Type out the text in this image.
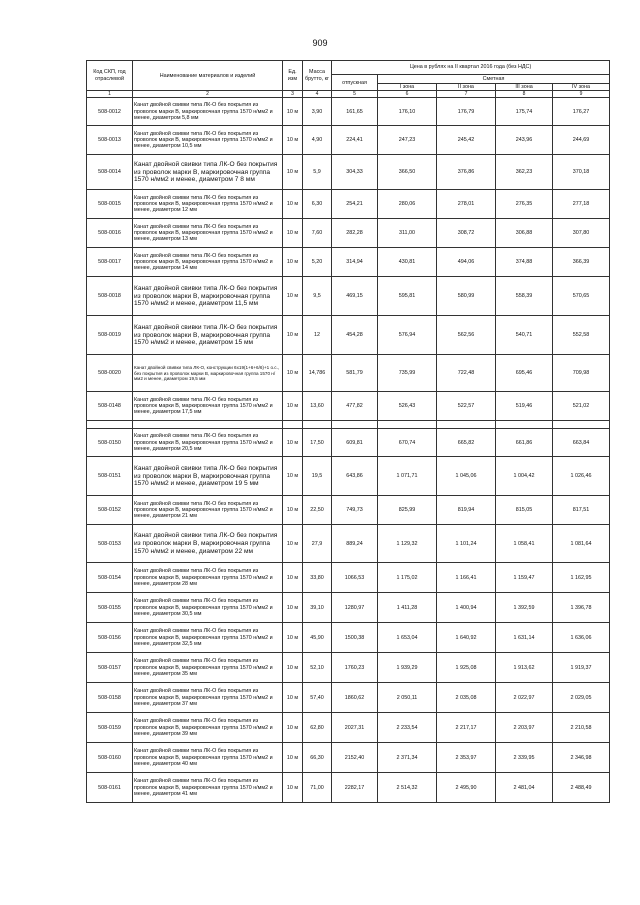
909
Код СКП, год отраслевой	Наименование материалов и изделий	Ед. изм	Масса брутто, кг	Цена в рублях на II квартал 2016 года (без НДС)				
				отпускная	Сметная			
					I зона	II зона	III зона	IV зона
1	2	3	4	5	6	7	8	9
508-0012	Канат двойной свивки типа ЛК-О без покрытия из проволок марки В, маркировочная группа 1570 н/мм2 и менее, диаметром 5,8 мм	10 м	3,90	161,65	176,10	176,79	175,74	176,27
508-0013	Канат двойной свивки типа ЛК-О без покрытия из проволок марки В, маркировочная группа 1570 н/мм2 и менее, диаметром 10,5 мм	10 м	4,90	224,41	247,23	245,42	243,96	244,69
508-0014	Канат двойной свивки типа ЛК-О без покрытия из проволок марки В, маркировочная группа 1570 н/мм2 и менее, диаметром 7 8 мм	10 м	5,9	304,33	366,50	376,86	362,23	370,18
508-0015	Канат двойной свивки типа ЛК-О без покрытия из проволок марки В, маркировочная группа 1570 н/мм2 и менее, диаметром 12 мм	10 м	6,30	254,21	280,06	278,01	276,35	277,18
508-0016	Канат двойной свивки типа ЛК-О без покрытия из проволок марки В, маркировочная группа 1570 н/мм2 и менее, диаметром 13 мм	10 м	7,60	282,28	311,00	308,72	306,88	307,80
508-0017	Канат двойной свивки типа ЛК-О без покрытия из проволок марки В, маркировочная группа 1570 н/мм2 и менее, диаметром 14 мм	10 м	5,20	314,94	430,81	494,06	374,88	366,39
508-0018	Канат двойной свивки типа ЛК-О без покрытия из проволок марки В, маркировочная группа 1570 н/мм2 и менее, диаметром 11,5 мм	10 м	9,5	469,15	595,81	580,99	558,39	570,65
508-0019	Канат двойной свивки типа ЛК-О без покрытия из проволок марки В, маркировочная группа 1570 н/мм2 и менее, диаметром 15 мм	10 м	12	454,28	576,94	562,56	540,71	552,58
508-0020	Канат двойной свивки типа ЛК-О, конструкции 6х19(1+6+6/6)+1 о.с., без покрытия из проволок марки В, маркировочная группа 1570 н/мм2 и менее, диаметром 19,5 мм	10 м	14,786	581,79	735,99	722,48	695,46	709,98
508-0148	Канат двойной свивки типа ЛК-О без покрытия из проволок марки В, маркировочная группа 1570 н/мм2 и менее, диаметром 17,5 мм	10 м	13,60	477,82	526,43	522,57	519,46	521,02

508-0150	Канат двойной свивки типа ЛК-О без покрытия из проволок марки В, маркировочная группа 1570 н/мм2 и менее, диаметром 20,5 мм	10 м	17,50	609,81	670,74	665,82	661,86	663,84
508-0151	Канат двойной свивки типа ЛК-О без покрытия из проволок марки В, маркировочная группа 1570 н/мм2 и менее, диаметром 19 5 мм	10 м	19,5	643,86	1 071,71	1 045,06	1 004,42	1 026,46
508-0152	Канат двойной свивки типа ЛК-О без покрытия из проволок марки В, маркировочная группа 1570 н/мм2 и менее, диаметром 21 мм	10 м	22,50	749,73	825,99	819,94	815,05	817,51
508-0153	Канат двойной свивки типа ЛК-О без покрытия из проволок марки В, маркировочная группа 1570 н/мм2 и менее, диаметром 22 мм	10 м	27,9	889,24	1 129,32	1 101,24	1 058,41	1 081,64
508-0154	Канат двойной свивки типа ЛК-О без покрытия из проволок марки В, маркировочная группа 1570 н/мм2 и менее, диаметром 28 мм	10 м	33,80	1066,53	1 175,02	1 166,41	1 159,47	1 162,95
508-0155	Канат двойной свивки типа ЛК-О без покрытия из проволок марки В, маркировочная группа 1570 н/мм2 и менее, диаметром 30,5 мм	10 м	39,10	1280,97	1 411,28	1 400,94	1 392,59	1 396,78
508-0156	Канат двойной свивки типа ЛК-О без покрытия из проволок марки В, маркировочная группа 1570 н/мм2 и менее, диаметром 32,5 мм	10 м	45,90	1500,38	1 653,04	1 640,92	1 631,14	1 636,06
508-0157	Канат двойной свивки типа ЛК-О без покрытия из проволок марки В, маркировочная группа 1570 н/мм2 и менее, диаметром 35 мм	10 м	52,10	1760,23	1 939,29	1 925,08	1 913,62	1 919,37
508-0158	Канат двойной свивки типа ЛК-О без покрытия из проволок марки В, маркировочная группа 1570 н/мм2 и менее, диаметром 37 мм	10 м	57,40	1860,62	2 050,11	2 035,08	2 022,97	2 029,05
508-0159	Канат двойной свивки типа ЛК-О без покрытия из проволок марки В, маркировочная группа 1570 н/мм2 и менее, диаметром 39 мм	10 м	62,80	2027,31	2 233,54	2 217,17	2 203,97	2 210,58
508-0160	Канат двойной свивки типа ЛК-О без покрытия из проволок марки В, маркировочная группа 1570 н/мм2 и менее, диаметром 40 мм	10 м	66,30	2152,40	2 371,34	2 353,97	2 339,95	2 346,98
508-0161	Канат двойной свивки типа ЛК-О без покрытия из проволок марки В, маркировочная группа 1570 н/мм2 и менее, диаметром 41 мм	10 м	71,00	2282,17	2 514,32	2 495,90	2 481,04	2 488,49
